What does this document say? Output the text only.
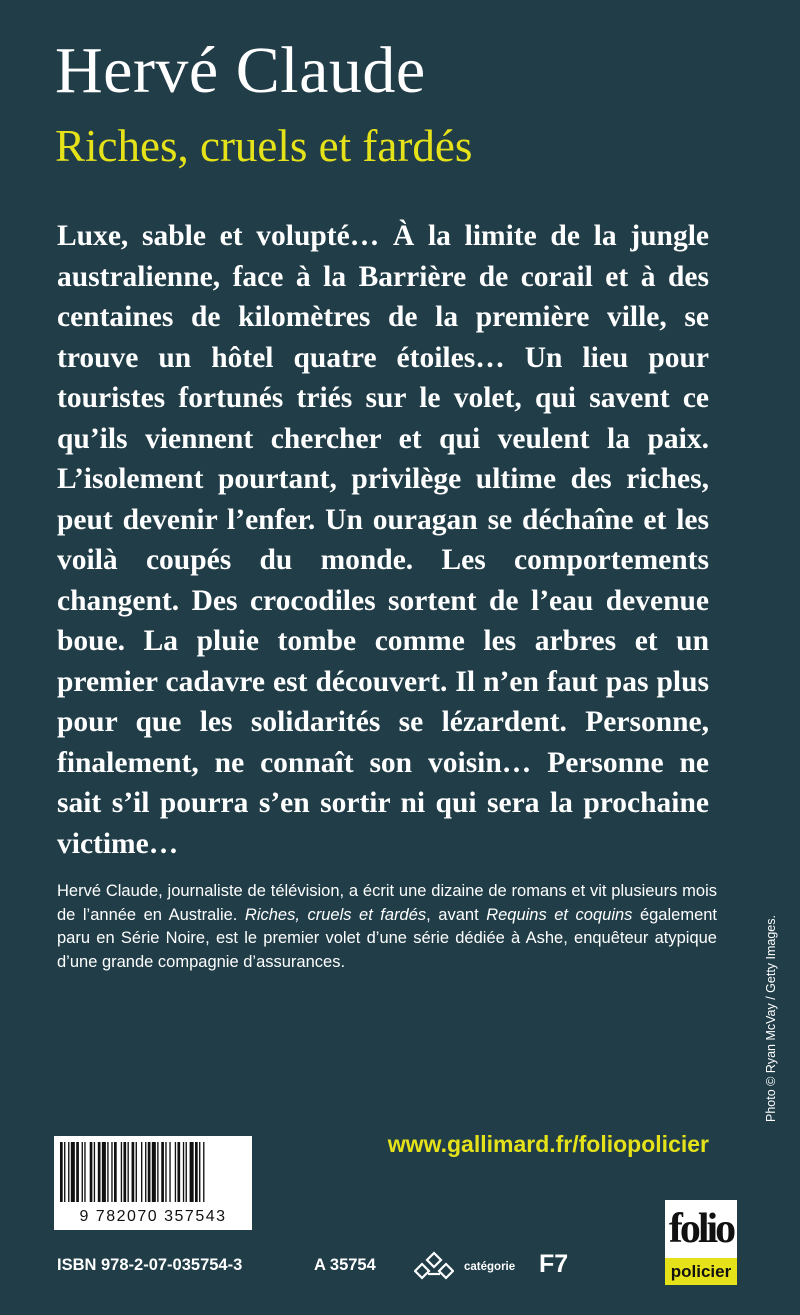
Hervé Claude
Riches, cruels et fardés

Luxe, sable et volupté… À la limite de la jungle australienne, face à la Barrière de corail et à des centaines de kilomètres de la première ville, se trouve un hôtel quatre étoiles… Un lieu pour touristes fortunés triés sur le volet, qui savent ce qu’ils viennent chercher et qui veulent la paix. L’isolement pourtant, privilège ultime des riches, peut devenir l’enfer. Un ouragan se déchaîne et les voilà coupés du monde. Les comportements changent. Des crocodiles sortent de l’eau devenue boue. La pluie tombe comme les arbres et un premier cadavre est découvert. Il n’en faut pas plus pour que les solidarités se lézardent. Personne, finalement, ne connaît son voisin… Personne ne sait s’il pourra s’en sortir ni qui sera la prochaine victime…

Hervé Claude, journaliste de télévision, a écrit une dizaine de romans et vit plusieurs mois de l’année en Australie. Riches, cruels et fardés, avant Requins et coquins également paru en Série Noire, est le premier volet d’une série dédiée à Ashe, enquêteur atypique d’une grande compagnie d’assurances.	Photo © Ryan McVay / Getty Images.
www.gallimard.fr/foliopolicier
9 782070 357543
ISBN 978-2-07-035754-3	A 35754	catégorie F7
folio
policier
